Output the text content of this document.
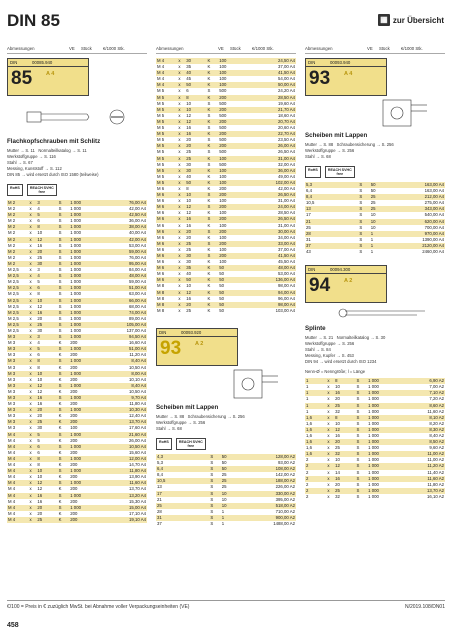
DIN 85	▦ zur Übersicht
Abmessungen	VE	Stück	€/1000 Stk.
DIN	00085.940
85	A 4
Flachkopfschrauben mit Schlitz
Mutter → S. 11 Normalteilkatalog → S. 11
Werkstoffgruppe → S. 116
Stahl → S. 67
Messing, Kunststoff → S. 112
DIN 85 → wird ersetzt durch ISO 1580 (teilweise)
RoHS	REACH SVHC free
M 2	x	3	S	1 000	76,00 A4
M 2	x	4	S	1 000	42,00 A4
M 2	x	5	S	1 000	42,50 A4
M 2	x	6	S	1 000	36,00 A4
M 2	x	8	S	1 000	38,00 A4
M 2	x	10	S	1 000	40,00 A4
M 2	x	12	S	1 000	42,00 A4
M 2	x	16	S	1 000	53,00 A4
M 2	x	20	S	1 000	59,00 A4
M 2	x	25	S	1 000	76,00 A4
M 2	x	30	S	1 000	95,00 A4
M 2,5	x	3	S	1 000	84,00 A4
M 2,5	x	4	S	1 000	48,00 A4
M 2,5	x	5	S	1 000	59,00 A4
M 2,5	x	6	S	1 000	51,00 A4
M 2,5	x	8	S	1 000	63,00 A4
M 2,5	x	10	S	1 000	66,00 A4
M 2,5	x	12	S	1 000	68,00 A4
M 2,5	x	16	S	1 000	74,00 A4
M 2,5	x	20	S	1 000	89,00 A4
M 2,5	x	25	S	1 000	105,00 A4
M 2,5	x	30	S	1 000	137,00 A4
M 3	x	3	S	1 000	94,50 A4
M 3	x	4	K	200	16,60 A4
M 3	x	5	S	1 000	51,00 A4
M 3	x	6	K	200	11,20 A4
M 3	x	8	S	1 000	8,40 A4
M 3	x	8	K	200	10,50 A4
M 3	x	10	S	1 000	8,00 A4
M 3	x	10	K	200	10,10 A4
M 3	x	12	S	1 000	8,40 A4
M 3	x	12	K	200	10,50 A4
M 3	x	16	S	1 000	9,70 A4
M 3	x	16	K	200	11,80 A4
M 3	x	20	S	1 000	10,30 A4
M 3	x	20	K	200	12,40 A4
M 3	x	25	K	200	13,70 A4
M 3	x	30	K	100	17,60 A4
M 4	x	5	S	1 000	21,60 A4
M 4	x	5	K	200	26,00 A4
M 4	x	6	S	1 000	10,50 A4
M 4	x	6	K	200	15,60 A4
M 4	x	8	S	1 000	12,00 A4
M 4	x	8	K	200	14,70 A4
M 4	x	10	S	1 000	11,80 A4
M 4	x	10	K	200	13,90 A4
M 4	x	12	S	1 000	11,60 A4
M 4	x	12	K	200	13,70 A4
M 4	x	16	S	1 000	13,20 A4
M 4	x	16	K	200	15,30 A4
M 4	x	20	S	1 000	15,00 A4
M 4	x	20	K	200	17,10 A4
M 4	x	25	K	200	19,10 A4
Abmessungen	VE	Stück	€/1000 Stk.
M 4	x	30	K	100	24,50 A4
M 4	x	35	K	100	37,00 A4
M 4	x	40	K	100	41,50 A4
M 4	x	45	K	100	54,00 A4
M 4	x	50	K	100	50,00 A4
M 5	x	6	S	500	24,20 A4
M 5	x	8	K	200	28,50 A4
M 5	x	10	S	500	19,60 A4
M 5	x	10	K	200	21,70 A4
M 5	x	12	S	500	18,60 A4
M 5	x	12	K	200	20,70 A4
M 5	x	16	S	500	20,60 A4
M 5	x	16	K	200	22,70 A4
M 5	x	20	S	500	23,50 A4
M 5	x	20	K	200	26,00 A4
M 5	x	25	S	500	26,50 A4
M 5	x	25	K	100	31,00 A4
M 5	x	30	S	500	32,00 A4
M 5	x	30	K	100	36,00 A4
M 5	x	40	K	100	49,00 A4
M 5	x	50	K	100	102,00 A4
M 6	x	8	K	200	42,00 A4
M 6	x	10	S	200	26,50 A4
M 6	x	10	K	100	31,00 A4
M 6	x	12	S	200	24,00 A4
M 6	x	12	K	100	28,50 A4
M 6	x	16	S	200	26,50 A4
M 6	x	16	K	100	31,00 A4
M 6	x	20	S	200	30,00 A4
M 6	x	20	K	100	34,00 A4
M 6	x	25	S	200	33,00 A4
M 6	x	25	K	100	37,00 A4
M 6	x	30	S	200	41,50 A4
M 6	x	30	K	100	45,50 A4
M 6	x	35	K	50	48,00 A4
M 6	x	40	K	50	53,00 A4
M 6	x	50	K	50	136,00 A4
M 8	x	10	K	50	98,00 A4
M 8	x	12	K	50	94,00 A4
M 8	x	16	K	50	96,00 A4
M 8	x	20	K	50	98,00 A4
M 8	x	25	K	50	103,00 A4
DIN	00093.920
93	A 2
Scheiben mit Lappen
Mutter → S. 88 Schraubensicherung → S. 256
Werkstoffgruppe → S. 256
Stahl → S. 68
RoHS	REACH SVHC free
4,3	S	50	128,00 A2
5,3	S	50	93,00 A2
6,4	S	50	108,00 A2
8,4	S	25	142,00 A2
10,5	S	25	188,00 A2
13	S	25	226,00 A2
17	S	10	330,00 A2
21	S	10	395,00 A2
25	S	10	518,00 A2
28	S	1	710,00 A2
31	S	1	900,00 A2
37	S	1	1488,00 A2
Abmessungen	VE	Stück	€/1000 Stk.
DIN	00093.940
93	A 4
Scheiben mit Lappen
Mutter → S. 88 Schraubensicherung → S. 256
Werkstoffgruppe → S. 256
Stahl → S. 68
RoHS	REACH SVHC free
5,3	S	50	163,00 A4
6,4	S	50	163,00 A4
8,4	S	25	212,00 A4
10,5	S	25	275,00 A4
13	S	25	343,00 A4
17	S	10	540,00 A4
21	S	10	620,00 A4
25	S	10	700,00 A4
28	S	1	970,00 A4
31	S	1	1390,00 A4
37	S	1	2120,00 A4
43	S	1	2460,00 A4
DIN	00094.300
94	A 2
Splinte
Mutter → S. 21 Normalteilkatalog → S. 30
Werkstoffgruppe → S. 256
Stahl → S. 84
Messing, Kupfer → S. 453
DIN 94 → wird ersetzt durch ISO 1234
Nenn-Ø = Nenngröße; l = Länge
1	x	8	S	1 000	6,90 A2
1	x	10	S	1 000	7,00 A2
1	x	16	S	1 000	7,10 A2
1	x	20	S	1 000	7,20 A2
1	x	25	S	1 000	8,60 A2
1	x	32	S	1 000	11,60 A2
1,6	x	8	S	1 000	8,10 A2
1,6	x	10	S	1 000	8,20 A2
1,6	x	12	S	1 000	8,30 A2
1,6	x	16	S	1 000	8,40 A2
1,6	x	20	S	1 000	8,50 A2
1,6	x	25	S	1 000	9,60 A2
1,6	x	32	S	1 000	11,00 A2
2	x	10	S	1 000	11,00 A2
2	x	12	S	1 000	11,20 A2
2	x	14	S	1 000	11,40 A2
2	x	16	S	1 000	11,60 A2
2	x	20	S	1 000	11,80 A2
2	x	25	S	1 000	13,70 A2
2	x	32	S	1 000	16,10 A2
€/100 = Preis in € zuzüglich MwSt. bei Abnahme voller Verpackungseinheiten (VE)	N/2019.108/DN01
458
